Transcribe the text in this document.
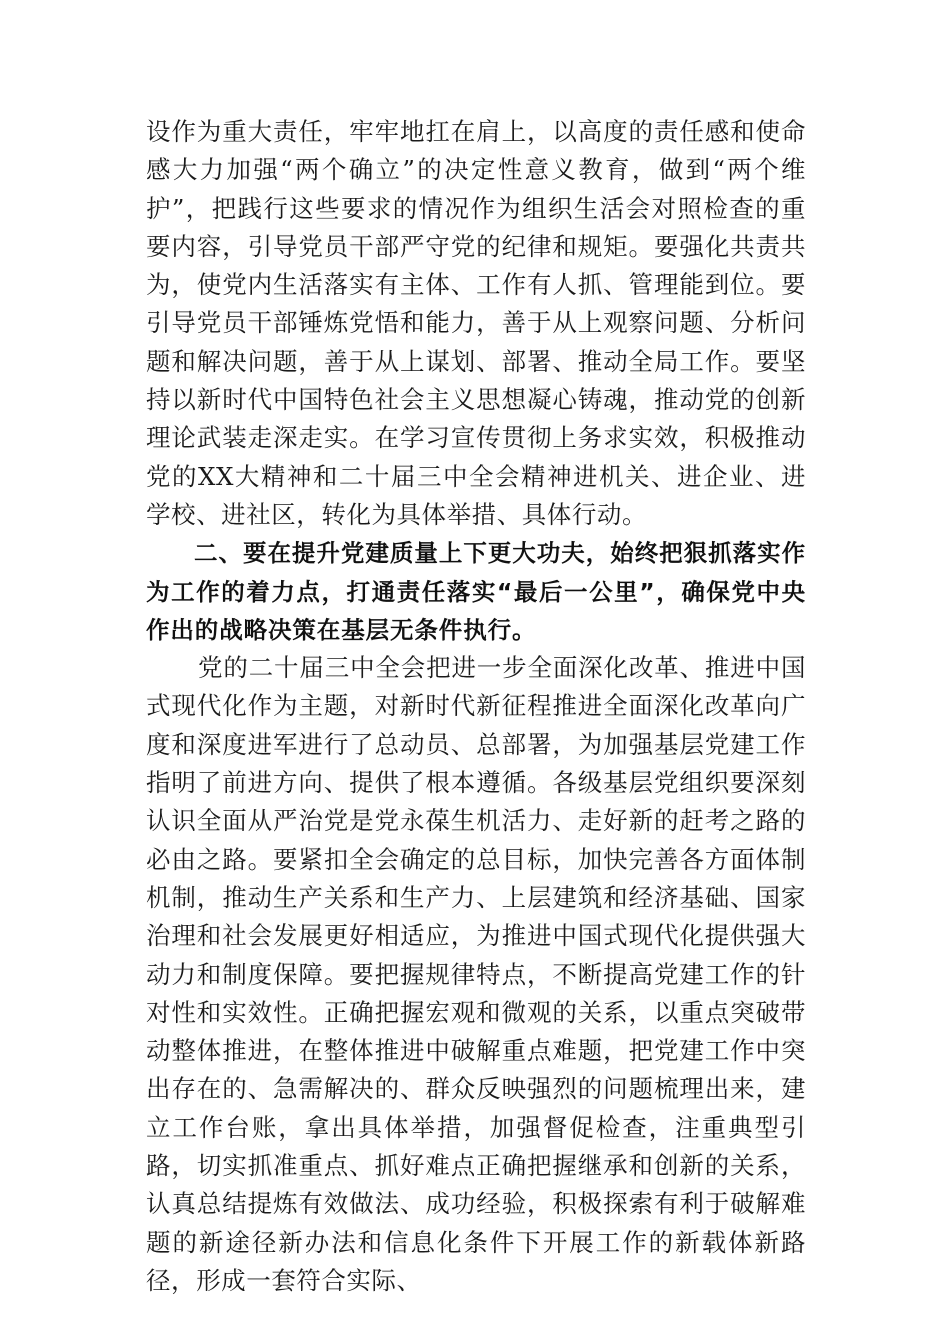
设作为重大责任，牢牢地扛在肩上，以高度的责任感和使命感大力加强“两个确立”的决定性意义教育，做到“两个维护”，把践行这些要求的情况作为组织生活会对照检查的重要内容，引导党员干部严守党的纪律和规矩。要强化共责共为，使党内生活落实有主体、工作有人抓、管理能到位。要引导党员干部锤炼党悟和能力，善于从上观察问题、分析问题和解决问题，善于从上谋划、部署、推动全局工作。要坚持以新时代中国特色社会主义思想凝心铸魂，推动党的创新理论武装走深走实。在学习宣传贯彻上务求实效，积极推动党的XX大精神和二十届三中全会精神进机关、进企业、进学校、进社区，转化为具体举措、具体行动。

二、要在提升党建质量上下更大功夫，始终把狠抓落实作为工作的着力点，打通责任落实“最后一公里”，确保党中央作出的战略决策在基层无条件执行。

党的二十届三中全会把进一步全面深化改革、推进中国式现代化作为主题，对新时代新征程推进全面深化改革向广度和深度进军进行了总动员、总部署，为加强基层党建工作指明了前进方向、提供了根本遵循。各级基层党组织要深刻认识全面从严治党是党永葆生机活力、走好新的赶考之路的必由之路。要紧扣全会确定的总目标，加快完善各方面体制机制，推动生产关系和生产力、上层建筑和经济基础、国家治理和社会发展更好相适应，为推进中国式现代化提供强大动力和制度保障。要把握规律特点，不断提高党建工作的针对性和实效性。正确把握宏观和微观的关系，以重点突破带动整体推进，在整体推进中破解重点难题，把党建工作中突出存在的、急需解决的、群众反映强烈的问题梳理出来，建立工作台账，拿出具体举措，加强督促检查，注重典型引路，切实抓准重点、抓好难点正确把握继承和创新的关系，认真总结提炼有效做法、成功经验，积极探索有利于破解难题的新途径新办法和信息化条件下开展工作的新载体新路径，形成一套符合实际、
